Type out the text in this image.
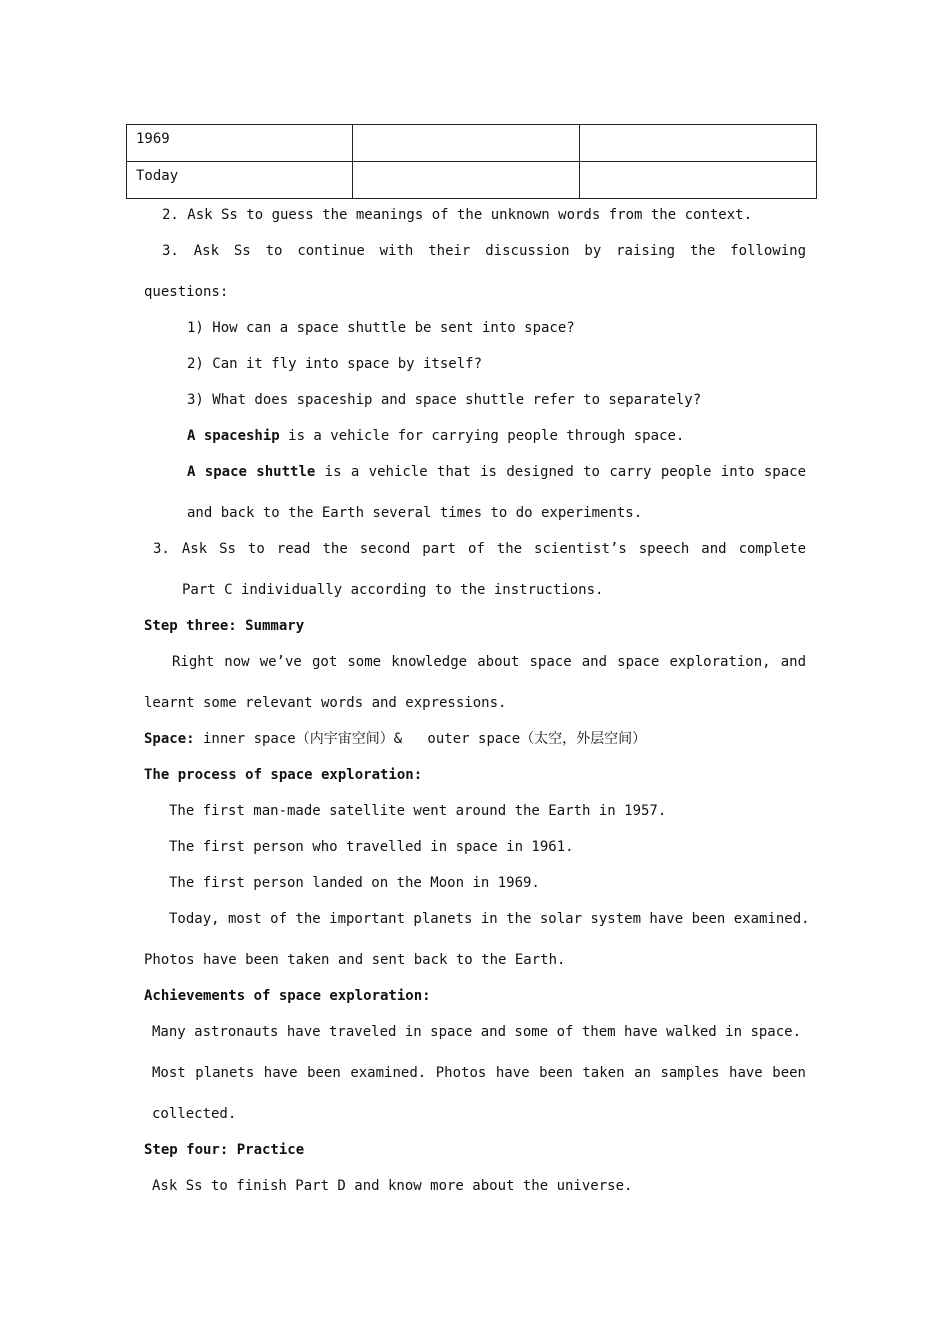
1969		
Today		

2. Ask Ss to guess the meanings of the unknown words from the context.

3. Ask Ss to continue with their discussion by raising the following

questions:

1) How can a space shuttle be sent into space?

2) Can it fly into space by itself?

3) What does spaceship and space shuttle refer to separately?

A spaceship is a vehicle for carrying people through space.

A space shuttle is a vehicle that is designed to carry people into space

and back to the Earth several times to do experiments.

3. Ask Ss to read the second part of the scientist’s speech and complete

Part C individually according to the instructions.

Step three: Summary

Right now we’ve got some knowledge about space and space exploration, and

learnt some relevant words and expressions.

Space: inner space（内宇宙空间）&   outer space（太空，外层空间）

The process of space exploration:

The first man-made satellite went around the Earth in 1957.

The first person who travelled in space in 1961.

The first person landed on the Moon in 1969.

Today, most of the important planets in the solar system have been examined.

Photos have been taken and sent back to the Earth.

Achievements of space exploration:

Many astronauts have traveled in space and some of them have walked in space.

Most planets have been examined. Photos have been taken an samples have been

collected.

Step four: Practice

Ask Ss to finish Part D and know more about the universe.
